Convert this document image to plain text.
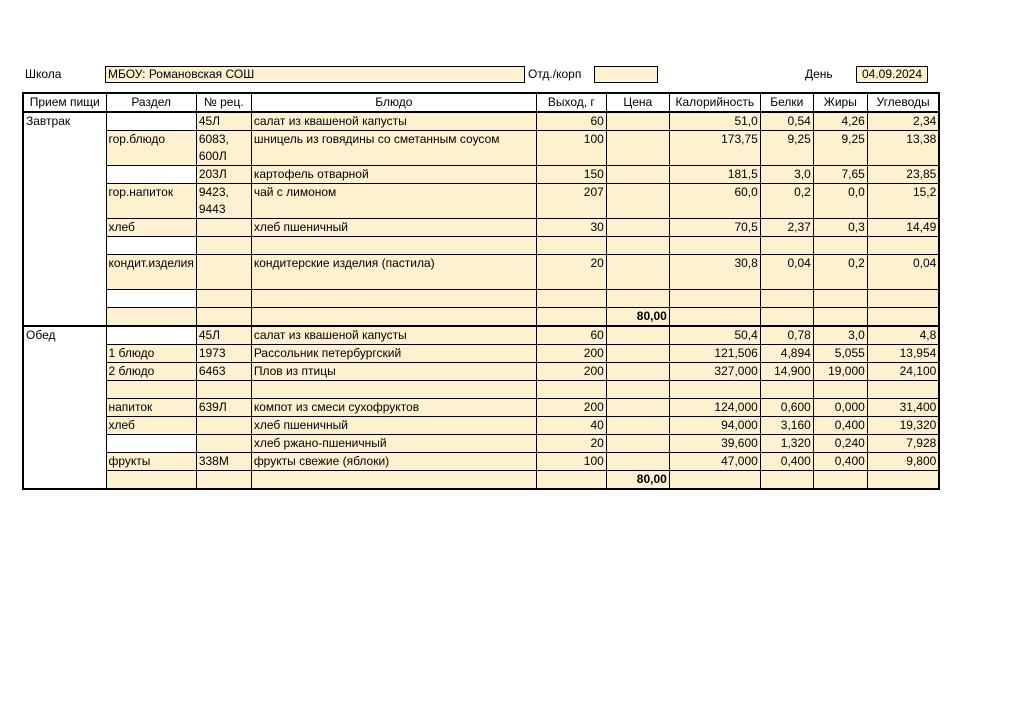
Школа	МБОУ: Романовская СОШ	Отд./корп	День	04.09.2024
Прием пищи	Раздел	№ рец.	Блюдо	Выход, г	Цена	Калорийность	Белки	Жиры	Углеводы
Завтрак		45Л	салат из квашеной капусты	60		51,0	0,54	4,26	2,34
	гор.блюдо	6083, 600Л	шницель из говядины со сметанным соусом	100		173,75	9,25	9,25	13,38
		203Л	картофель отварной	150		181,5	3,0	7,65	23,85
	гор.напиток	9423, 9443	чай с лимоном	207		60,0	0,2	0,0	15,2
	хлеб		хлеб пшеничный	30		70,5	2,37	0,3	14,49

	кондит.изделия		кондитерские изделия (пастила)	20		30,8	0,04	0,2	0,04

					80,00				
Обед		45Л	салат из квашеной капусты	60		50,4	0,78	3,0	4,8
	1 блюдо	1973	Рассольник петербургский	200		121,506	4,894	5,055	13,954
	2 блюдо	6463	Плов из птицы	200		327,000	14,900	19,000	24,100

	напиток	639Л	компот из смеси сухофруктов	200		124,000	0,600	0,000	31,400
	хлеб		хлеб пшеничный	40		94,000	3,160	0,400	19,320
			хлеб ржано-пшеничный	20		39,600	1,320	0,240	7,928
	фрукты	338М	фрукты свежие (яблоки)	100		47,000	0,400	0,400	9,800
					80,00				
